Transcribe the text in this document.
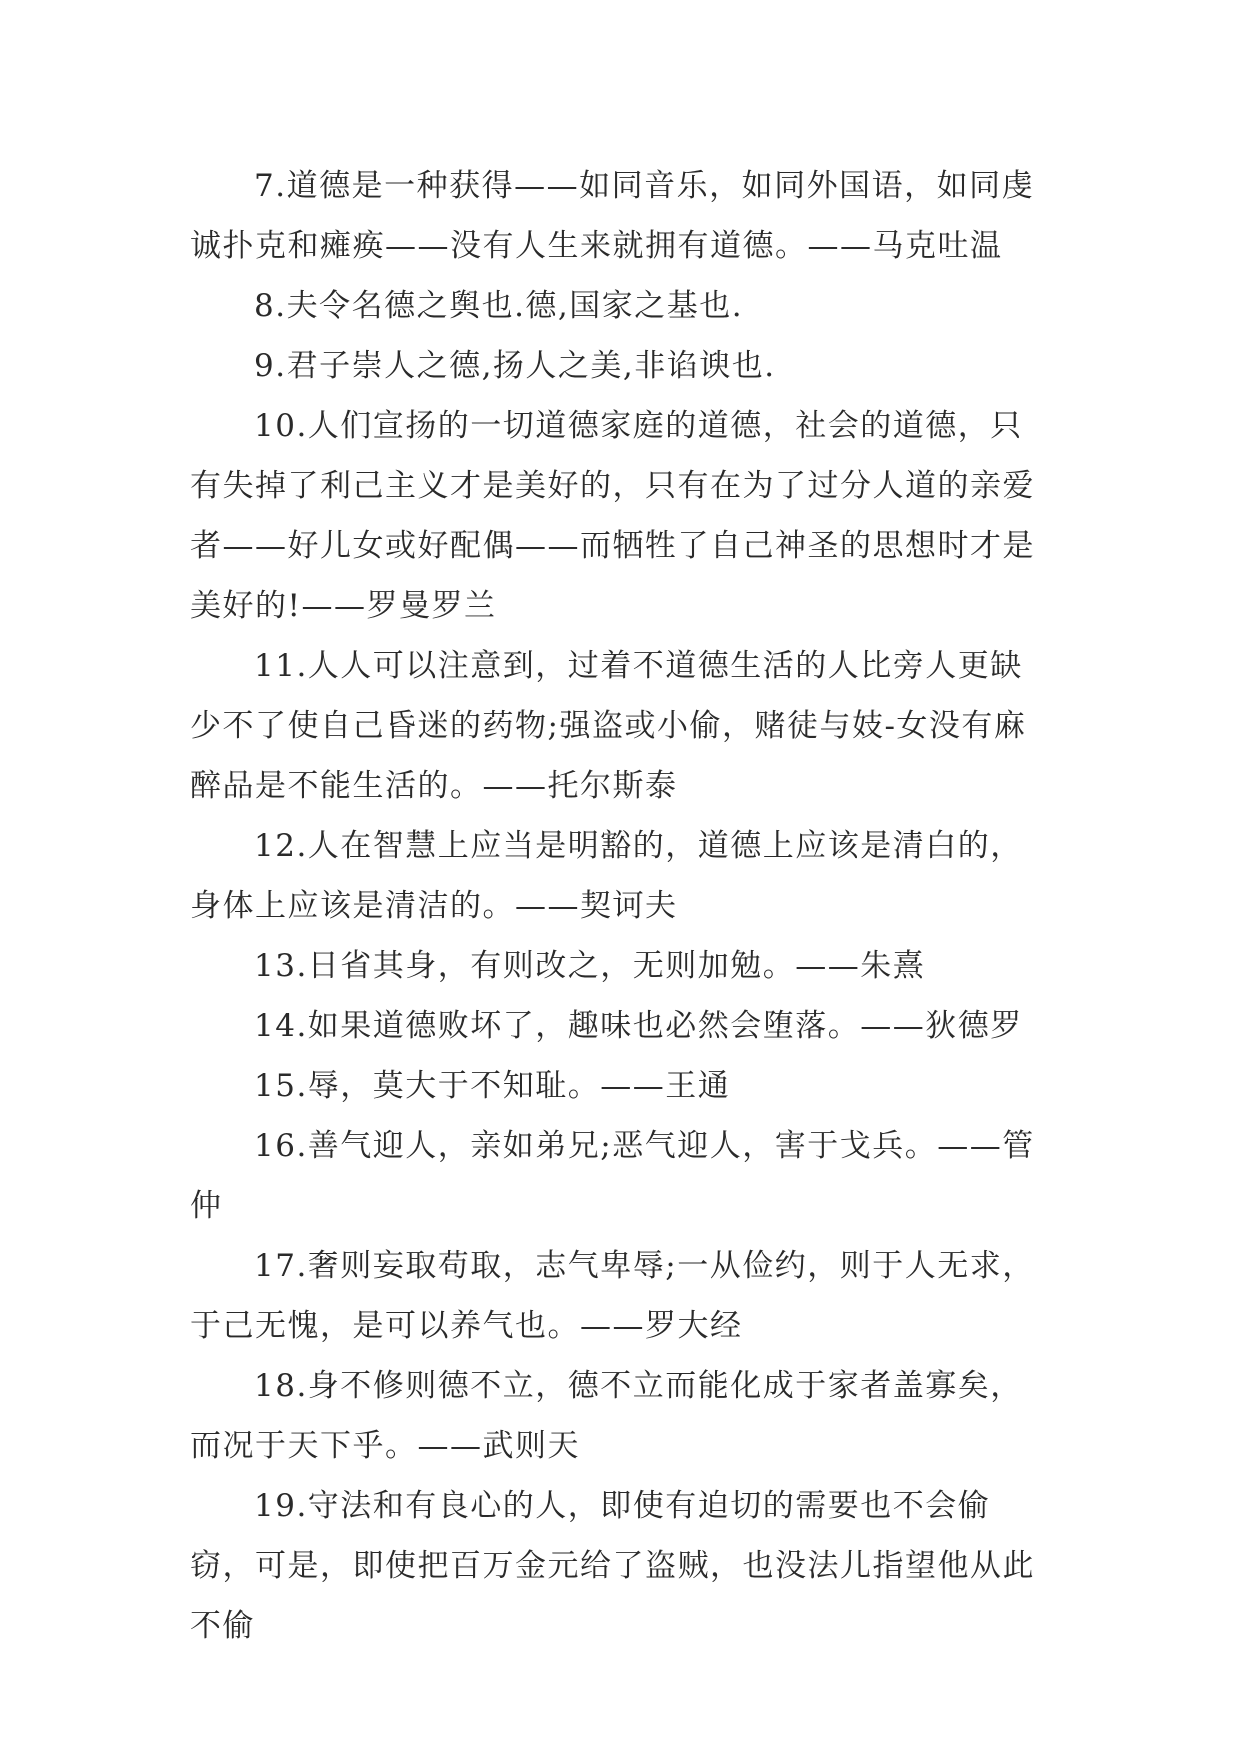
7.道德是一种获得——如同音乐，如同外国语，如同虔诚扑克和瘫痪——没有人生来就拥有道德。——马克吐温

8.夫令名德之舆也.德,国家之基也.

9.君子崇人之德,扬人之美,非谄谀也.

10.人们宣扬的一切道德家庭的道德，社会的道德，只有失掉了利己主义才是美好的，只有在为了过分人道的亲爱者——好儿女或好配偶——而牺牲了自己神圣的思想时才是美好的!——罗曼罗兰

11.人人可以注意到，过着不道德生活的人比旁人更缺少不了使自己昏迷的药物;强盗或小偷，赌徒与妓-女没有麻醉品是不能生活的。——托尔斯泰

12.人在智慧上应当是明豁的，道德上应该是清白的，身体上应该是清洁的。——契诃夫

13.日省其身，有则改之，无则加勉。——朱熹

14.如果道德败坏了，趣味也必然会堕落。——狄德罗

15.辱，莫大于不知耻。——王通

16.善气迎人，亲如弟兄;恶气迎人，害于戈兵。——管仲

17.奢则妄取苟取，志气卑辱;一从俭约，则于人无求，于己无愧，是可以养气也。——罗大经

18.身不修则德不立，德不立而能化成于家者盖寡矣，而况于天下乎。——武则天

19.守法和有良心的人，即使有迫切的需要也不会偷窃，可是，即使把百万金元给了盗贼，也没法儿指望他从此不偷
